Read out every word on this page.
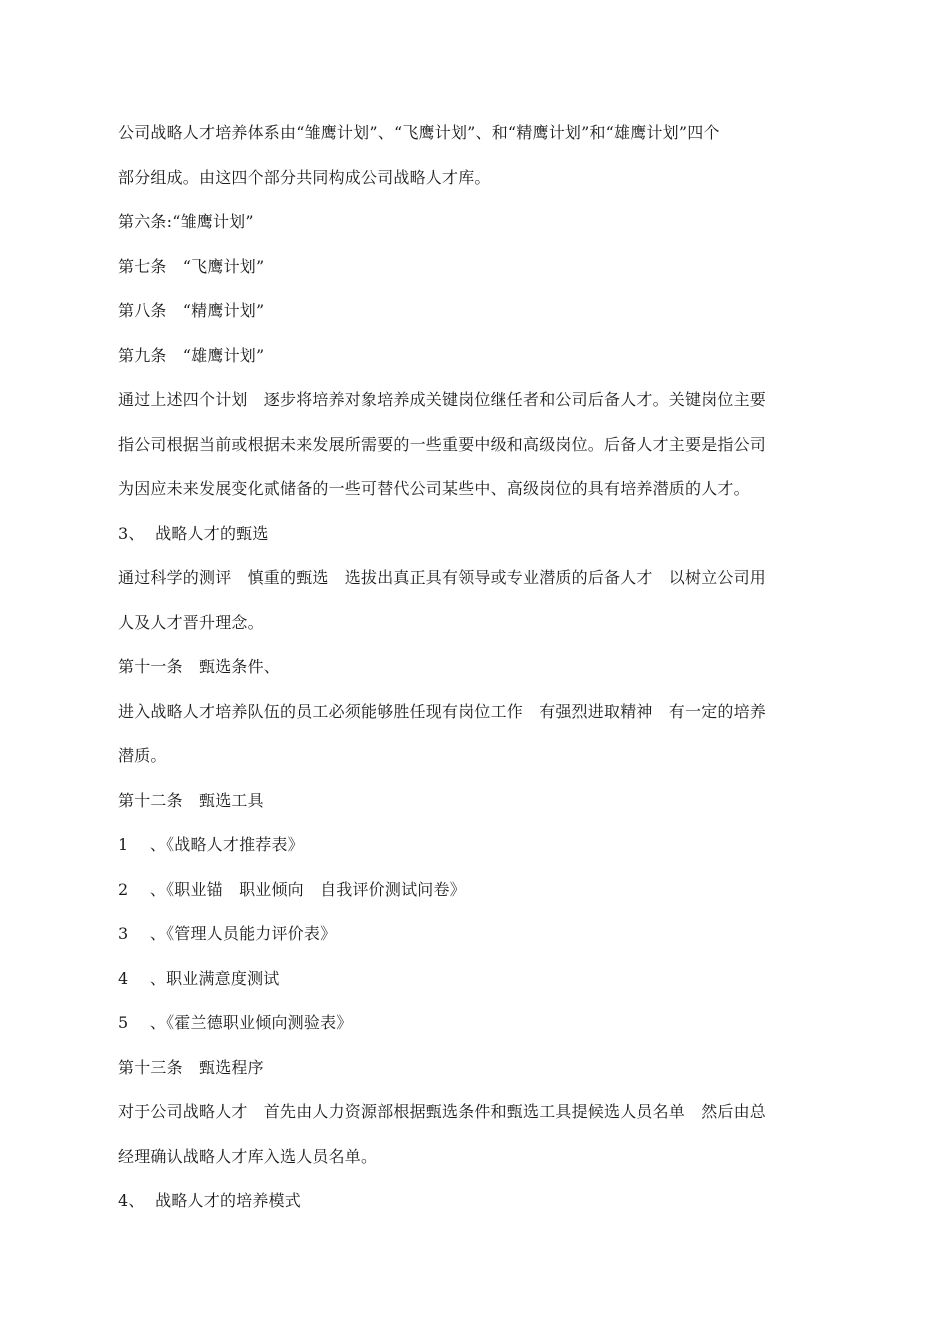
公司战略人才培养体系由“雏鹰计划”、“飞鹰计划”、和“精鹰计划”和“雄鹰计划”四个
部分组成。由这四个部分共同构成公司战略人才库。
第六条:“雏鹰计划”
第七条　“飞鹰计划”
第八条　“精鹰计划”
第九条　“雄鹰计划”
通过上述四个计划　逐步将培养对象培养成关键岗位继任者和公司后备人才。关键岗位主要
指公司根据当前或根据未来发展所需要的一些重要中级和高级岗位。后备人才主要是指公司
为因应未来发展变化贰储备的一些可替代公司某些中、高级岗位的具有培养潜质的人才。
3、  战略人才的甄选
通过科学的测评　慎重的甄选　选拔出真正具有领导或专业潜质的后备人才　以树立公司用
人及人才晋升理念。
第十一条　甄选条件、
进入战略人才培养队伍的员工必须能够胜任现有岗位工作　有强烈进取精神　有一定的培养
潜质。
第十二条　甄选工具
1　 、《战略人才推荐表》
2　 、《职业锚　职业倾向　自我评价测试问卷》
3　 、《管理人员能力评价表》
4　 、职业满意度测试
5　 、《霍兰德职业倾向测验表》
第十三条　甄选程序
对于公司战略人才　首先由人力资源部根据甄选条件和甄选工具提候选人员名单　然后由总
经理确认战略人才库入选人员名单。
4、  战略人才的培养模式
